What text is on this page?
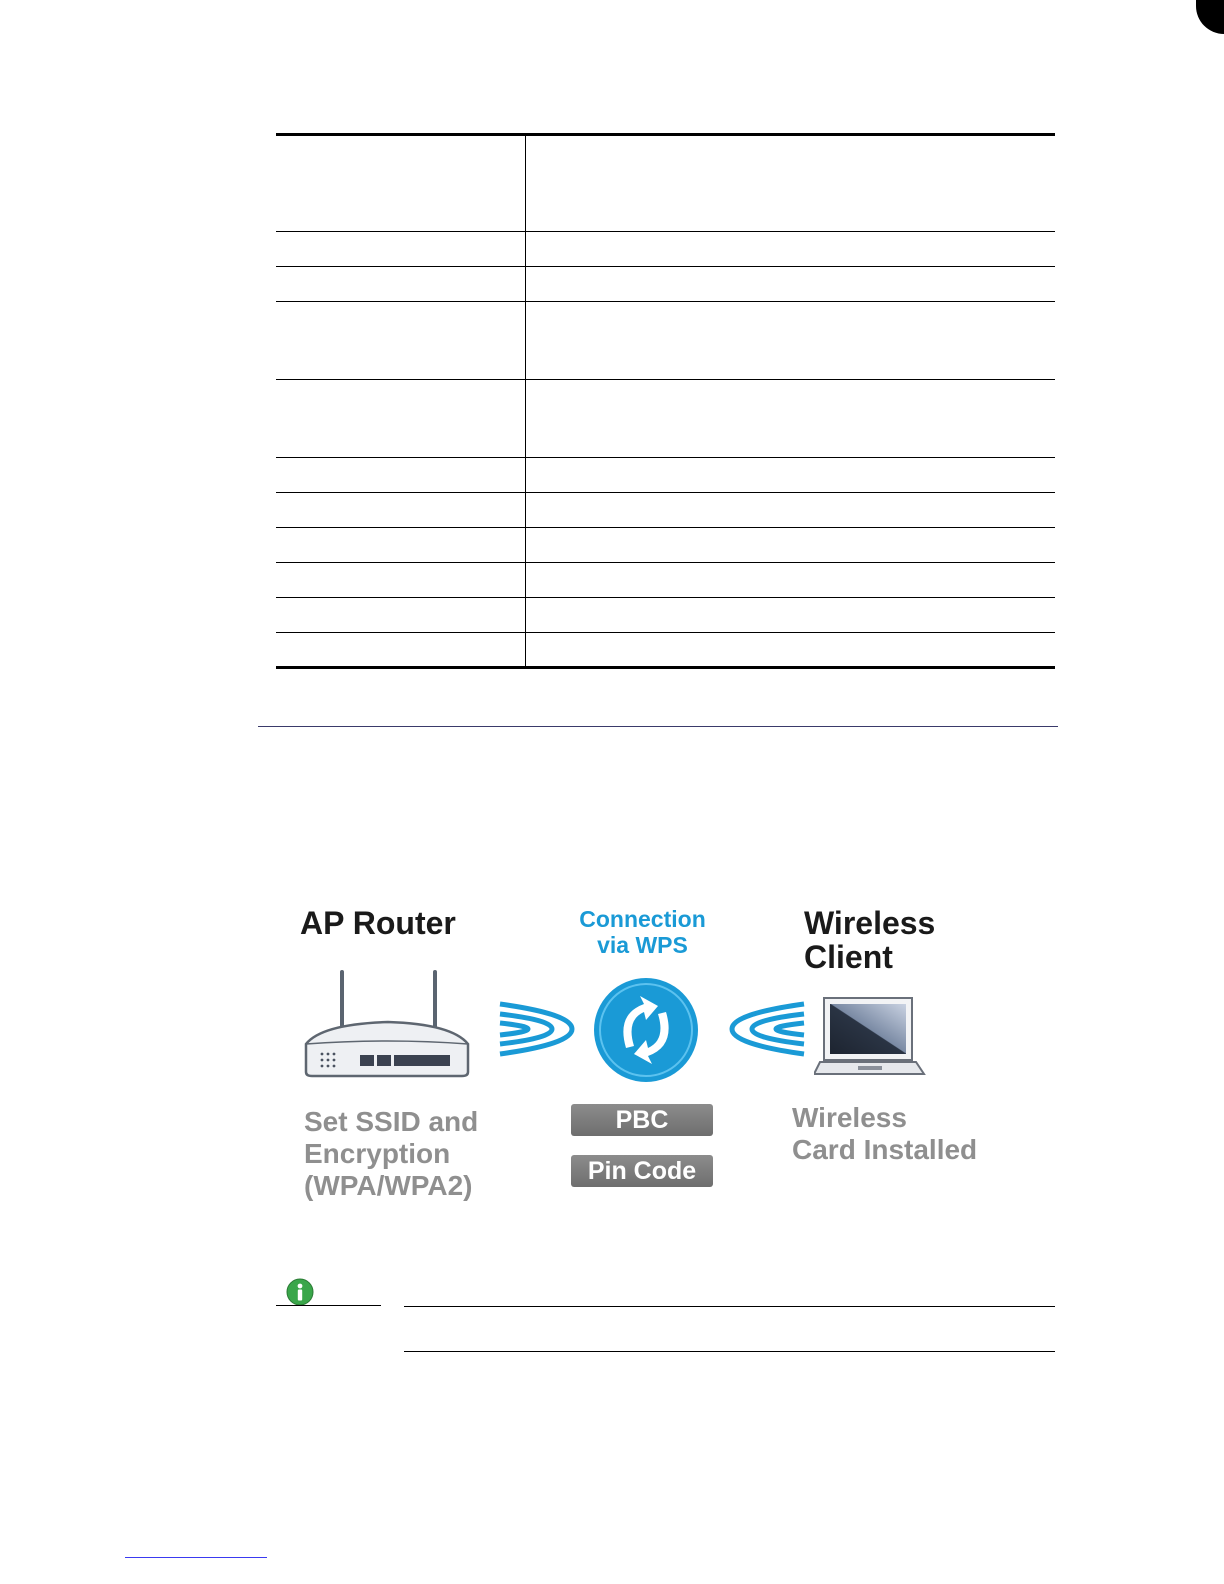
AP Router	Connection
via WPS
Wireless
Client
Set SSID and
Encryption
(WPA/WPA2)
PBC
Pin Code
Wireless
Card Installed
